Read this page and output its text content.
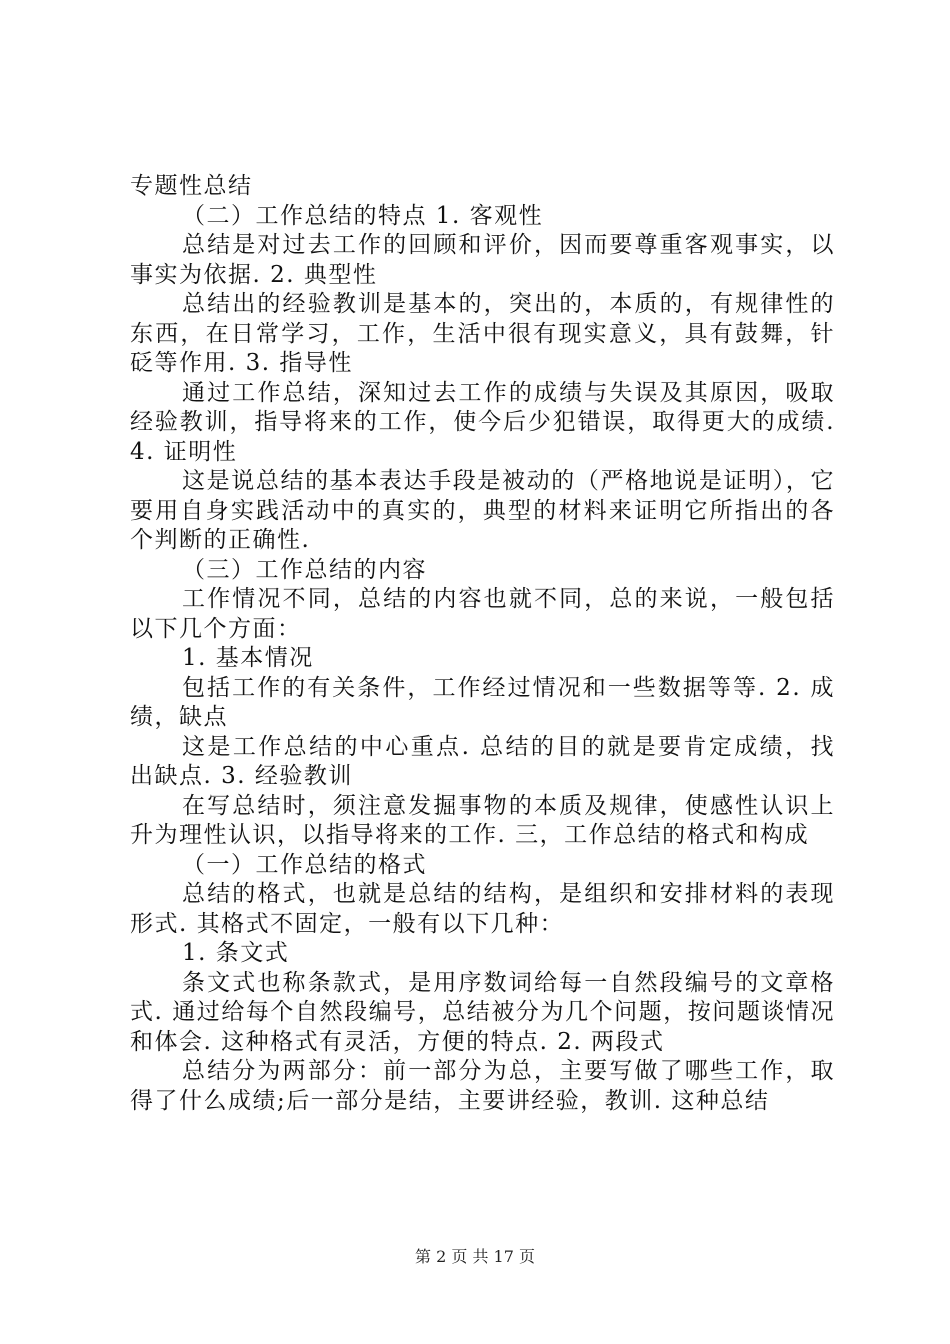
专题性总结

（二）工作总结的特点 1. 客观性

总结是对过去工作的回顾和评价，因而要尊重客观事实，以事实为依据. 2. 典型性

总结出的经验教训是基本的，突出的，本质的，有规律性的东西，在日常学习，工作，生活中很有现实意义，具有鼓舞，针砭等作用. 3. 指导性

通过工作总结，深知过去工作的成绩与失误及其原因，吸取经验教训，指导将来的工作，使今后少犯错误，取得更大的成绩. 4. 证明性

这是说总结的基本表达手段是被动的（严格地说是证明），它要用自身实践活动中的真实的，典型的材料来证明它所指出的各个判断的正确性.

（三）工作总结的内容

工作情况不同，总结的内容也就不同，总的来说，一般包括以下几个方面：

1. 基本情况

包括工作的有关条件，工作经过情况和一些数据等等. 2. 成绩，缺点

这是工作总结的中心重点. 总结的目的就是要肯定成绩，找出缺点. 3. 经验教训

在写总结时，须注意发掘事物的本质及规律，使感性认识上升为理性认识，以指导将来的工作. 三，工作总结的格式和构成

（一）工作总结的格式

总结的格式，也就是总结的结构，是组织和安排材料的表现形式. 其格式不固定，一般有以下几种：

1. 条文式

条文式也称条款式，是用序数词给每一自然段编号的文章格式. 通过给每个自然段编号，总结被分为几个问题，按问题谈情况和体会. 这种格式有灵活，方便的特点. 2. 两段式

总结分为两部分：前一部分为总，主要写做了哪些工作，取得了什么成绩;后一部分是结，主要讲经验，教训. 这种总结

第 2 页 共 17 页
